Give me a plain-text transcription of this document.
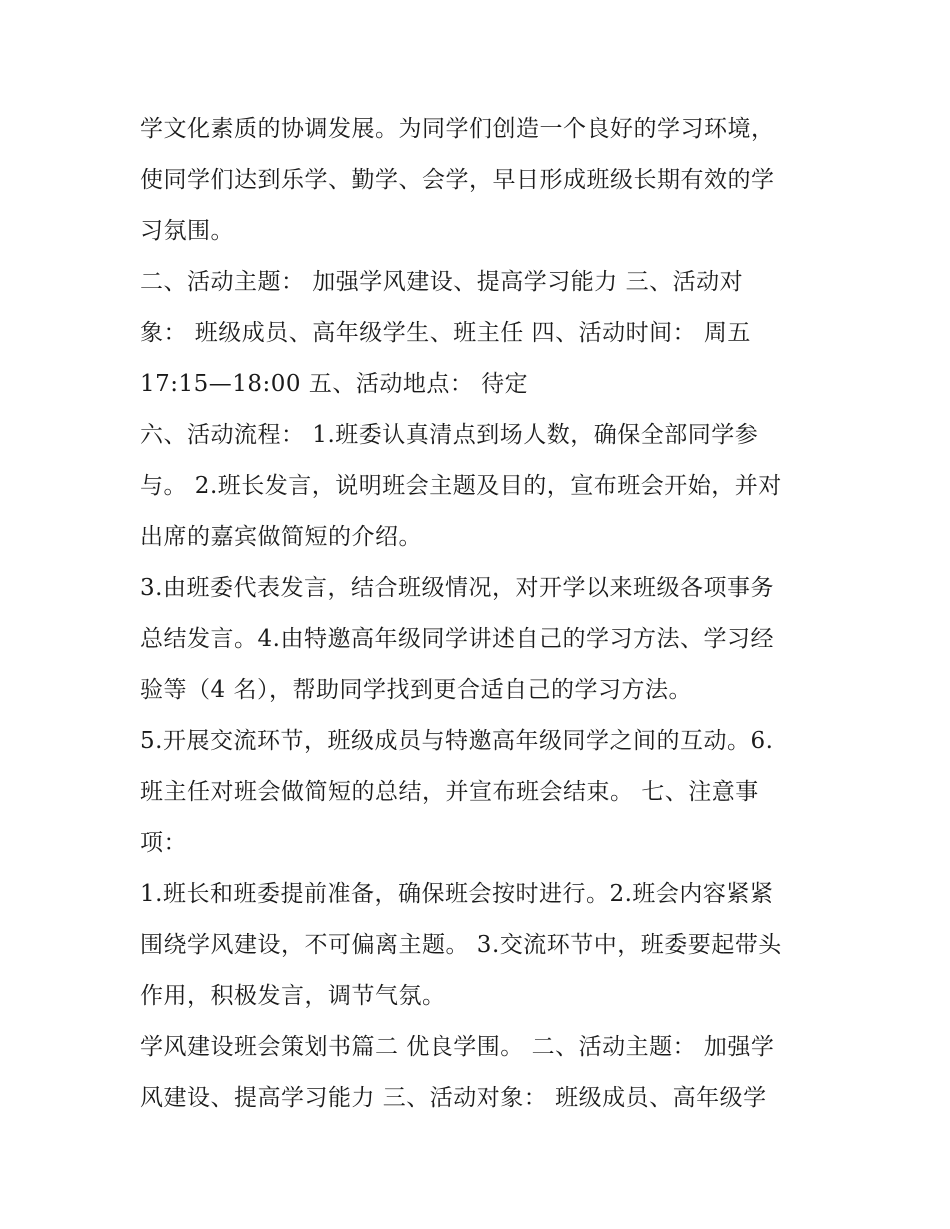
学文化素质的协调发展。为同学们创造一个良好的学习环境，
使同学们达到乐学、勤学、会学，早日形成班级长期有效的学
习氛围。
二、活动主题： 加强学风建设、提高学习能力 三、活动对
象： 班级成员、高年级学生、班主任 四、活动时间： 周五
17:15—18:00 五、活动地点： 待定
六、活动流程： 1.班委认真清点到场人数，确保全部同学参
与。 2.班长发言，说明班会主题及目的，宣布班会开始，并对
出席的嘉宾做简短的介绍。
3.由班委代表发言，结合班级情况，对开学以来班级各项事务
总结发言。4.由特邀高年级同学讲述自己的学习方法、学习经
验等（4 名），帮助同学找到更合适自己的学习方法。
5.开展交流环节，班级成员与特邀高年级同学之间的互动。6.
班主任对班会做简短的总结，并宣布班会结束。 七、注意事
项：
1.班长和班委提前准备，确保班会按时进行。2.班会内容紧紧
围绕学风建设，不可偏离主题。 3.交流环节中，班委要起带头
作用，积极发言，调节气氛。
学风建设班会策划书篇二 优良学围。 二、活动主题： 加强学
风建设、提高学习能力 三、活动对象： 班级成员、高年级学
